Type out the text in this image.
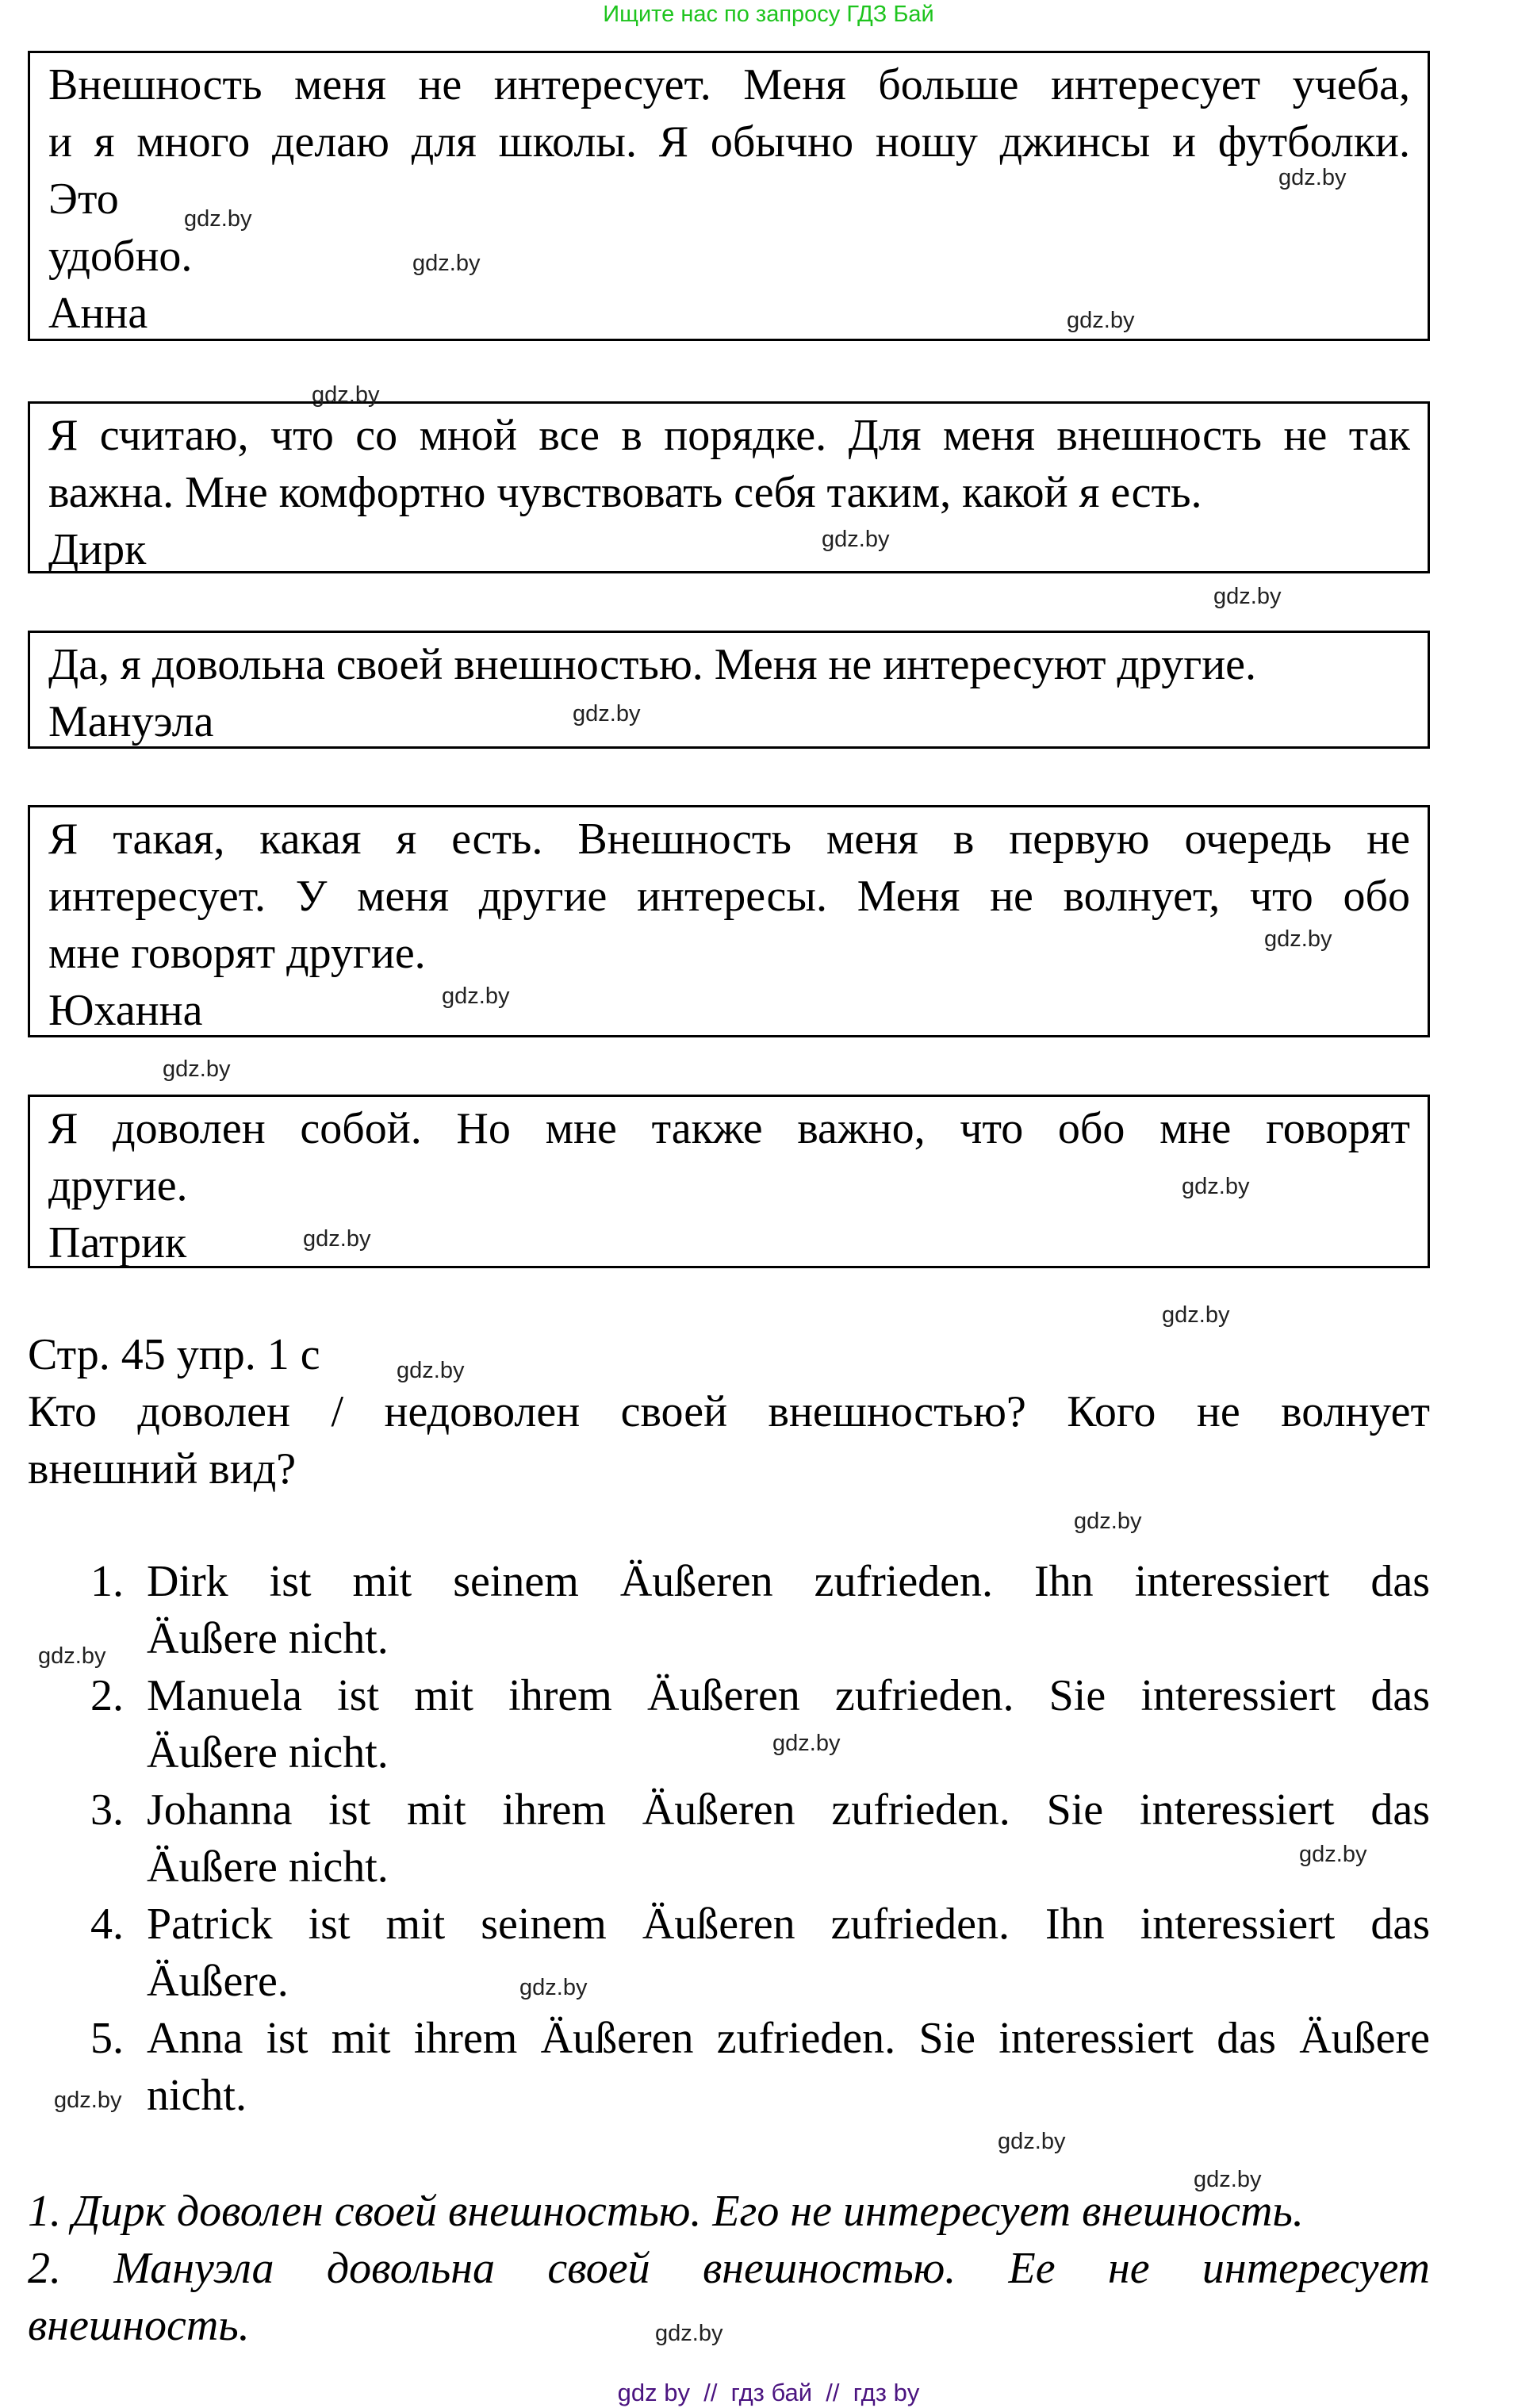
Ищите нас по запросу ГДЗ Бай
Внешность меня не интересует. Меня больше интересует учеба,
и я много делаю для школы. Я обычно ношу джинсы и футболки.
Это
удобно.
Анна
Я считаю, что со мной все в порядке. Для меня внешность не так
важна. Мне комфортно чувствовать себя таким, какой я есть.
Дирк
Да, я довольна своей внешностью. Меня не интересуют другие.
Мануэла
Я такая, какая я есть. Внешность меня в первую очередь не
интересует. У меня другие интересы. Меня не волнует, что обо
мне говорят другие.
Юханна
Я доволен собой. Но мне также важно, что обо мне говорят
другие.
Патрик
Стр. 45 упр. 1 с
Кто доволен / недоволен своей внешностью? Кого не волнует
внешний вид?
1. Dirk ist mit seinem Äußeren zufrieden. Ihn interessiert das
Äußere nicht.
2. Manuela ist mit ihrem Äußeren zufrieden. Sie interessiert das
Äußere nicht.
3. Johanna ist mit ihrem Äußeren zufrieden. Sie interessiert das
Äußere nicht.
4. Patrick ist mit seinem Äußeren zufrieden. Ihn interessiert das
Äußere.
5. Anna ist mit ihrem Äußeren zufrieden. Sie interessiert das Äußere
nicht.
1. Дирк доволен своей внешностью. Его не интересует внешность.
2. Мануэла довольна своей внешностью. Ее не интересует
внешность.
gdz.by
gdz.by
gdz.by
gdz.by
gdz.by
gdz.by
gdz.by
gdz.by
gdz.by
gdz.by
gdz.by
gdz.by
gdz.by
gdz.by
gdz.by
gdz.by
gdz.by
gdz.by
gdz.by
gdz.by
gdz.by
gdz.by
gdz.by
gdz.by
gdz by  //  гдз бай  //  гдз by
